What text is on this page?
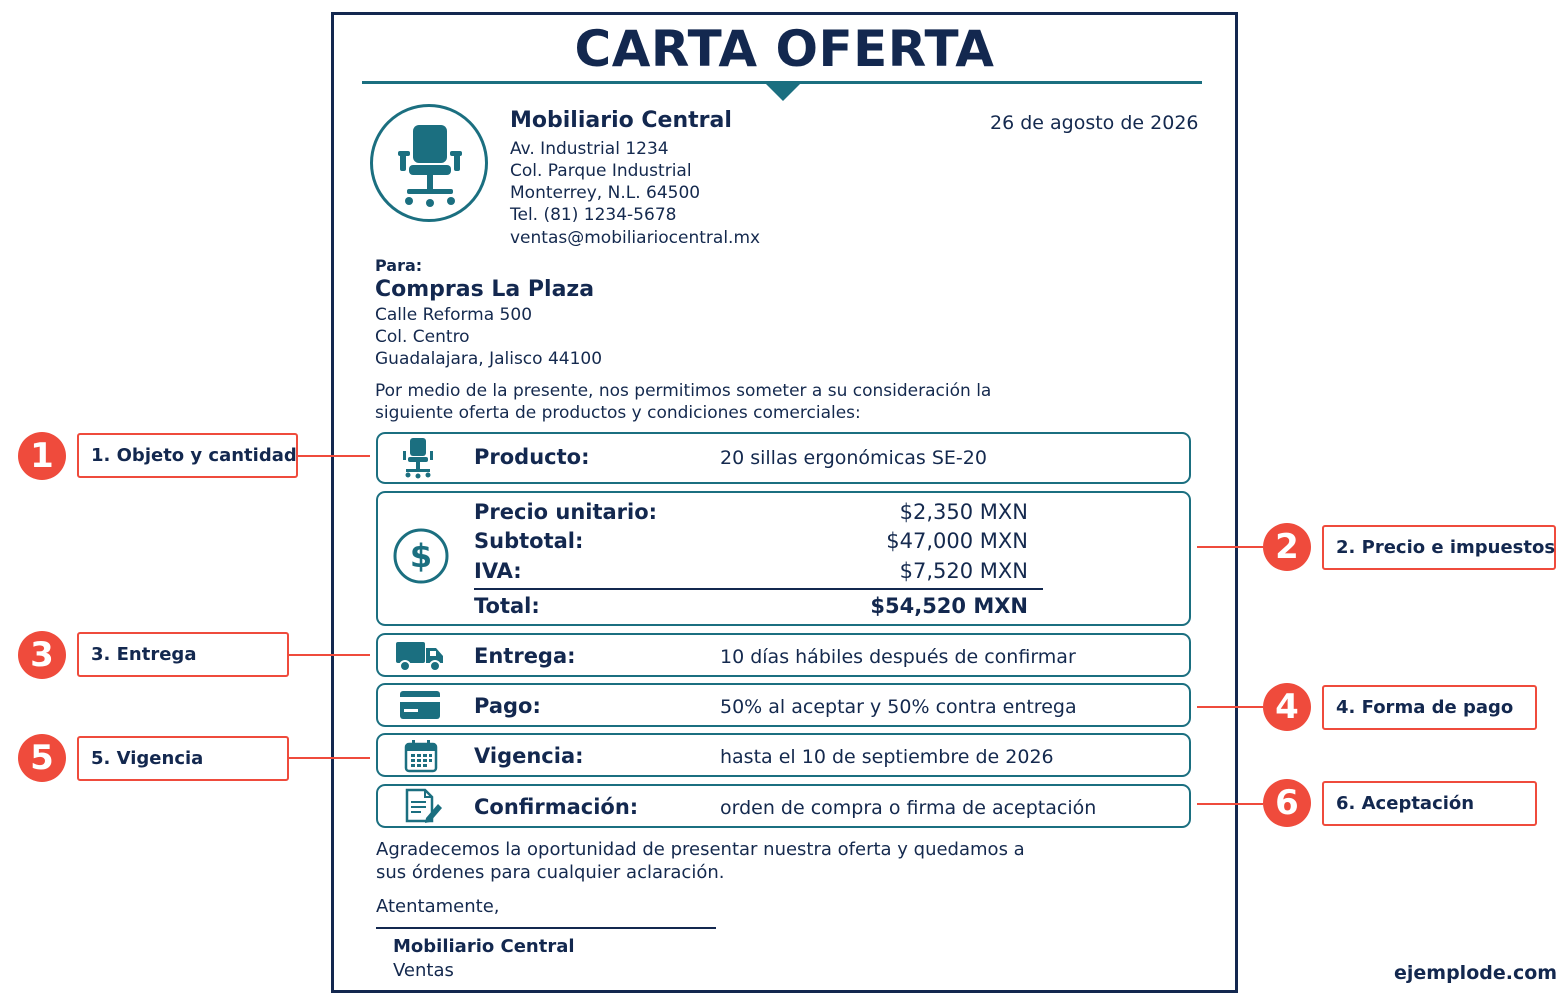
CARTA OFERTA
Mobiliario Central
Av. Industrial 1234
Col. Parque Industrial
Monterrey, N.L. 64500
Tel. (81) 1234-5678
ventas@mobiliariocentral.mx
26 de agosto de 2026
Para:
Compras La Plaza
Calle Reforma 500
Col. Centro
Guadalajara, Jalisco 44100
Por medio de la presente, nos permitimos someter a su consideración la siguiente oferta de productos y condiciones comerciales:
Producto:	20 sillas ergonómicas SE-20
$
Precio unitario:	$2,350 MXN
Subtotal:	$47,000 MXN
IVA:	$7,520 MXN
Total:	$54,520 MXN
Entrega:	10 días hábiles después de confirmar
Pago:	50% al aceptar y 50% contra entrega
Vigencia:	hasta el 10 de septiembre de 2026
Confirmación:	orden de compra o firma de aceptación
Agradecemos la oportunidad de presentar nuestra oferta y quedamos a sus órdenes para cualquier aclaración.
Atentamente,
Mobiliario Central
Ventas	ejemplode.com
1	1. Objeto y cantidad
3	3. Entrega
5	5. Vigencia
2	2. Precio e impuestos
4	4. Forma de pago
6	6. Aceptación
